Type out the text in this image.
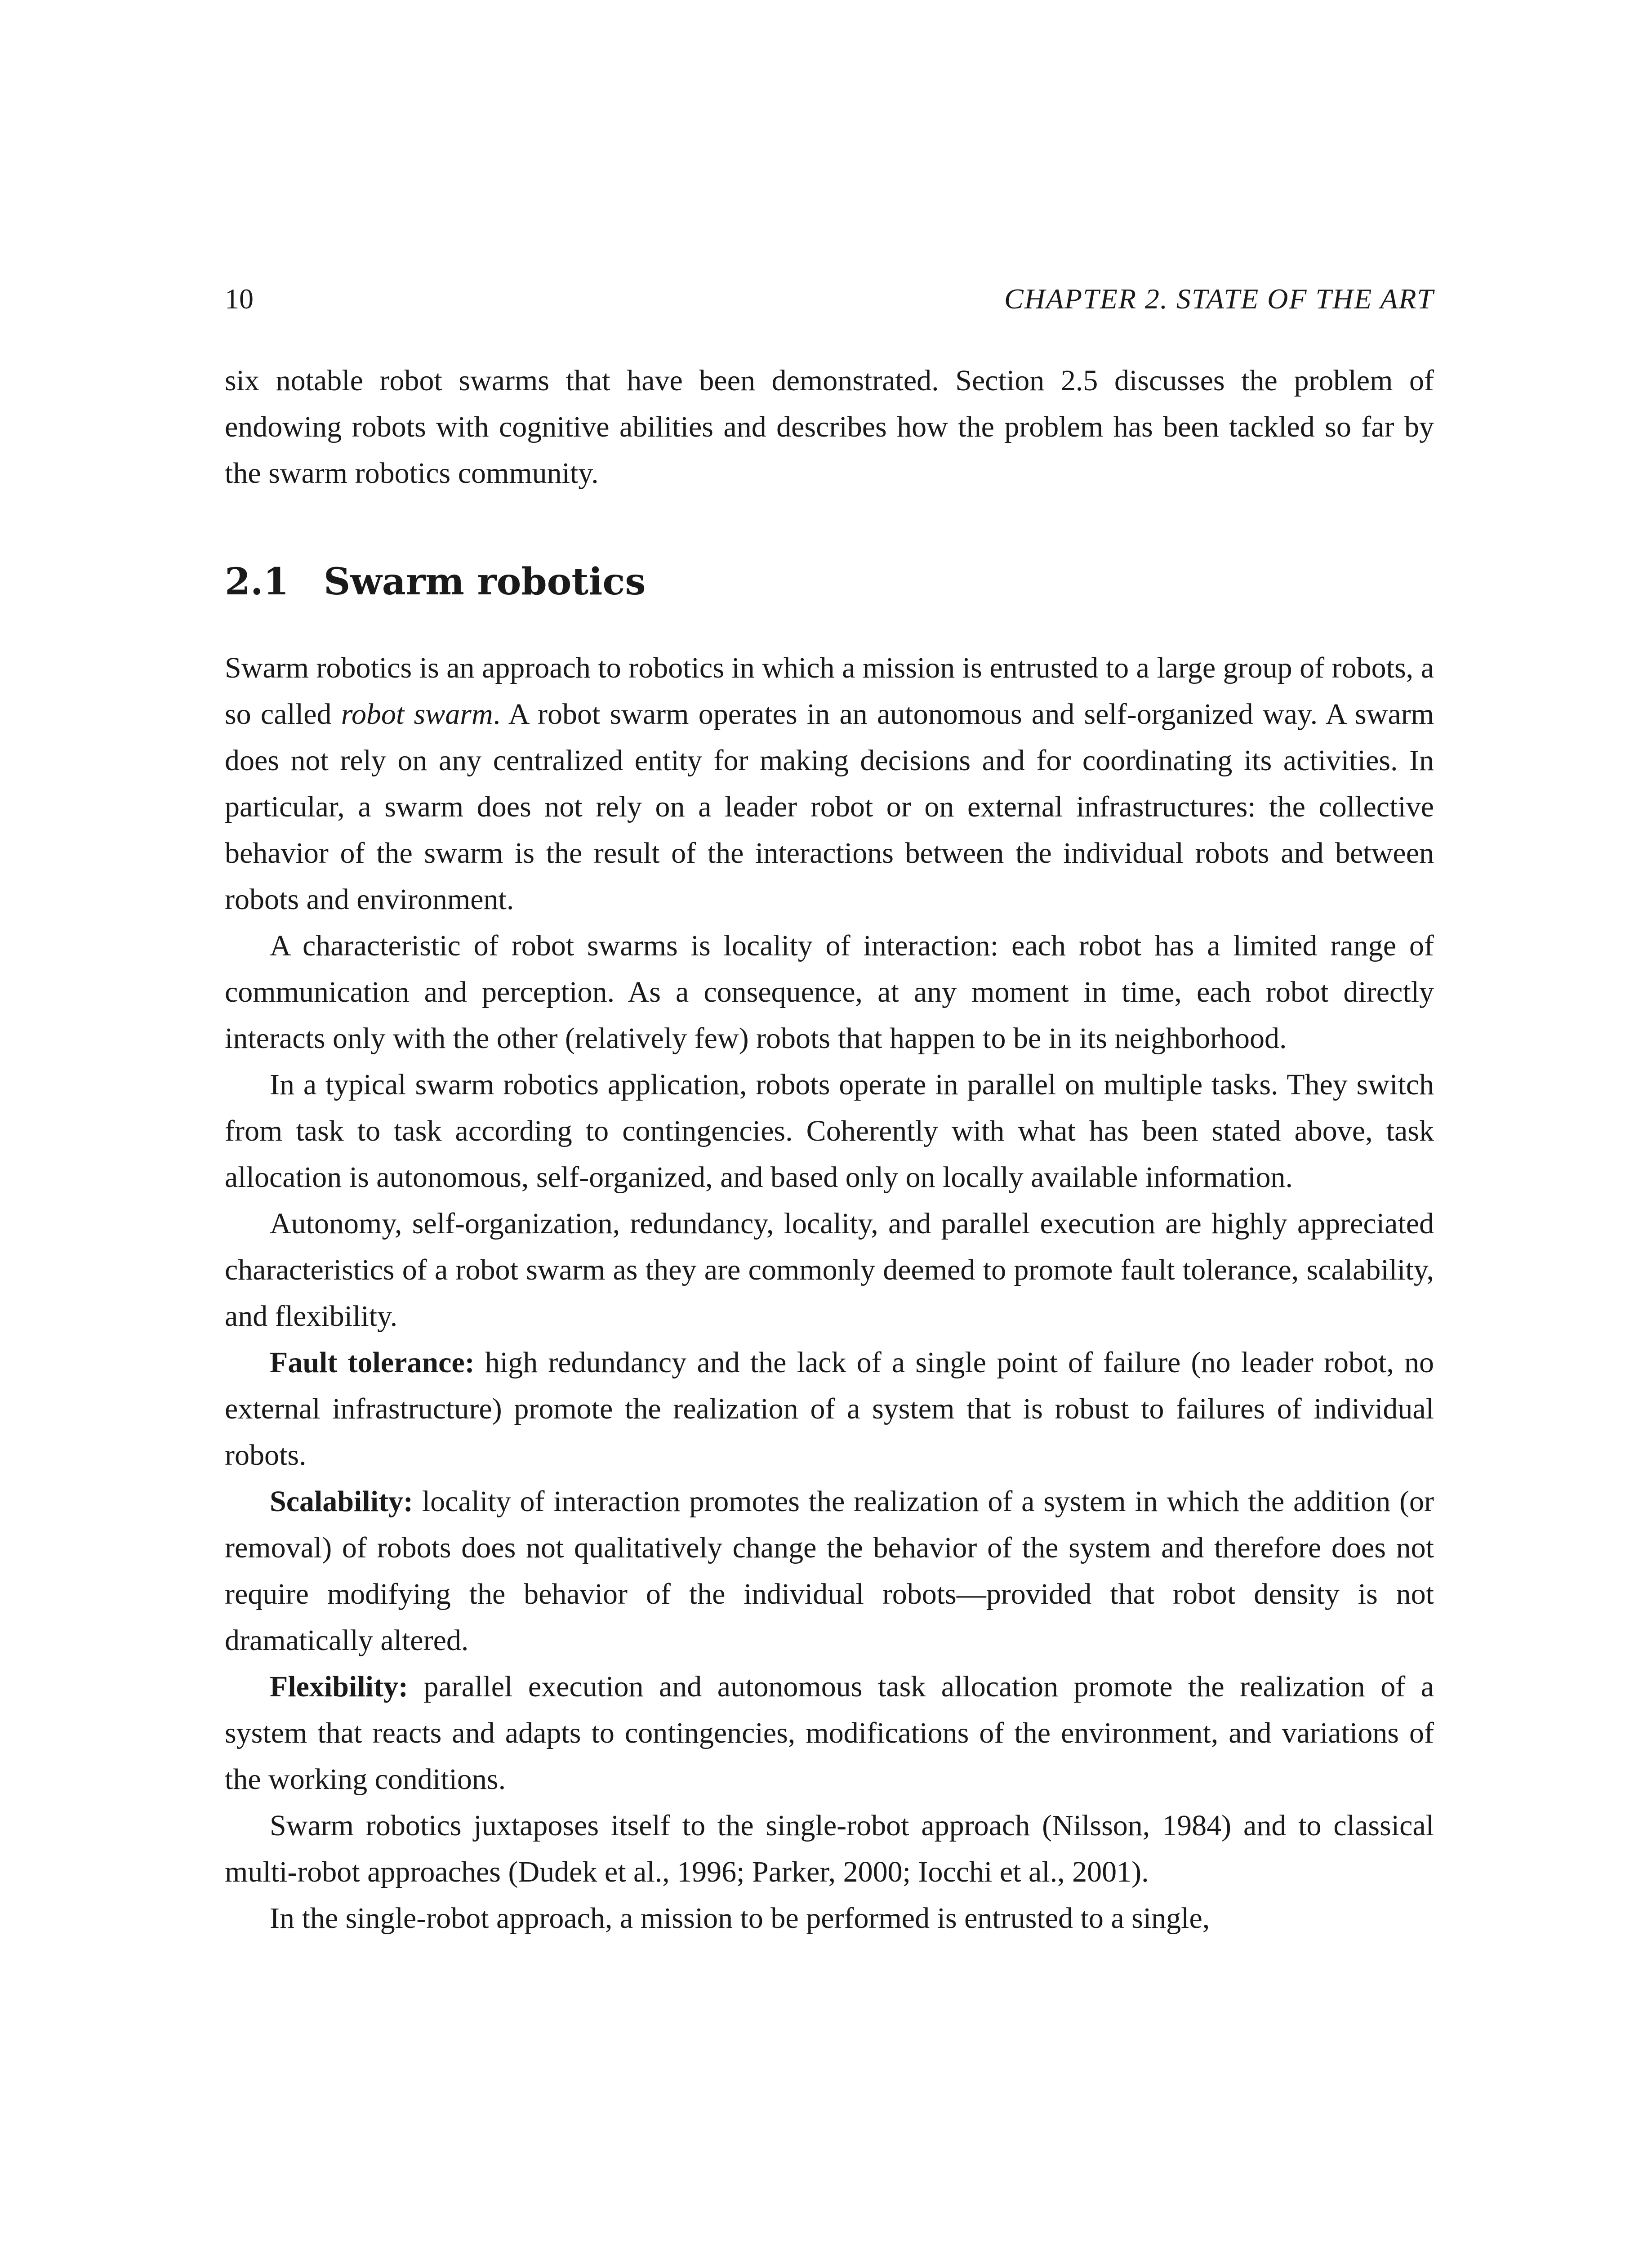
10	CHAPTER 2. STATE OF THE ART

six notable robot swarms that have been demonstrated. Section 2.5 discusses the problem of endowing robots with cognitive abilities and describes how the problem has been tackled so far by the swarm robotics community.

2.1 Swarm robotics

Swarm robotics is an approach to robotics in which a mission is entrusted to a large group of robots, a so called robot swarm. A robot swarm operates in an autonomous and self-organized way. A swarm does not rely on any centralized entity for making decisions and for coordinating its activities. In particular, a swarm does not rely on a leader robot or on external infrastructures: the collective behavior of the swarm is the result of the interactions between the individual robots and between robots and environment.

A characteristic of robot swarms is locality of interaction: each robot has a limited range of communication and perception. As a consequence, at any moment in time, each robot directly interacts only with the other (relatively few) robots that happen to be in its neighborhood.

In a typical swarm robotics application, robots operate in parallel on multiple tasks. They switch from task to task according to contingencies. Coherently with what has been stated above, task allocation is autonomous, self-organized, and based only on locally available information.

Autonomy, self-organization, redundancy, locality, and parallel execution are highly appreciated characteristics of a robot swarm as they are commonly deemed to promote fault tolerance, scalability, and flexibility.

Fault tolerance: high redundancy and the lack of a single point of failure (no leader robot, no external infrastructure) promote the realization of a system that is robust to failures of individual robots.

Scalability: locality of interaction promotes the realization of a system in which the addition (or removal) of robots does not qualitatively change the behavior of the system and therefore does not require modifying the behavior of the individual robots—provided that robot density is not dramatically altered.

Flexibility: parallel execution and autonomous task allocation promote the realization of a system that reacts and adapts to contingencies, modifications of the environment, and variations of the working conditions.

Swarm robotics juxtaposes itself to the single-robot approach (Nilsson, 1984) and to classical multi-robot approaches (Dudek et al., 1996; Parker, 2000; Iocchi et al., 2001).

In the single-robot approach, a mission to be performed is entrusted to a single,
